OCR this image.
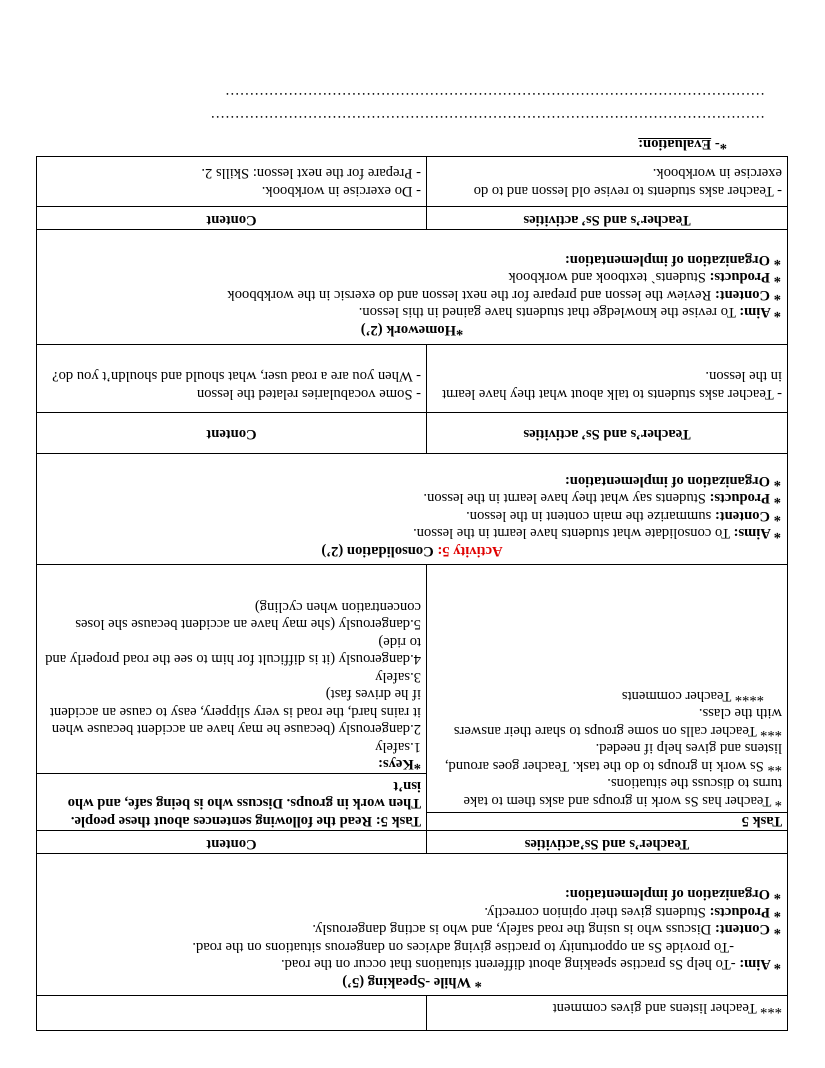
*** Teacher listens and gives comment

* While -Speaking (5’)

* Aim: -To help Ss practise speaking about different situations that occur on the road.

-To provide Ss an opportunity to practise giving advices on dangerous situations on the road.

* Content: Discuss who is using the road safely, and who is acting dangerously.

* Products: Students gives their opinion correctly.

* Organization of implementation:

Teacher’s and Ss’activities
Content
Task 5

* Teacher has Ss work in groups and asks them to take turns to discuss the situations.

** Ss work in groups to do the task. Teacher goes around, listens and gives help if needed.

*** Teacher calls on some groups to share their answers with the class.

**** Teacher comments

Task 5: Read the following sentences about these people. Then work in groups. Discuss who is being safe, and who isn’t

*Keys:

1.safely

2.dangerously (because he may have an accident because when it rains hard, the road is very slippery, easy to cause an accident if he drives fast)

3.safely

4.dangerously (it is difficult for him to see the road properly and to ride)

5.dangerously (she may have an accident because she loses concentration when cycling)

Activity 5: Consolidation (2’)

* Aims: To consolidate what students have learnt in the lesson.

* Content: summarize the main content in the lesson.

* Products: Students say what they have learnt in the lesson.

* Organization of implementation:

Teacher’s and Ss’ activities
Content
- Teacher asks students to talk about what they have learnt in the lesson.

- Some vocabularies related the lesson

- When you are a road user, what should and shouldn’t you do?

*Homework (2’)

* Aim: To revise the knowledge that students have gained in this lesson.

* Content: Review the lesson and prepare for the next lesson and do exersic in the workbbook

* Products: Students` textbook and workbook

* Organization of implementation:

Teacher’s and Ss’ activities
Content
- Teacher asks students to revise old lesson and to do exercise in workbook.

- Do exercise in workbook.

- Prepare for the next lesson: Skills 2.

*- Evaluation:

……………………………………………………………………………………………………
…………………………………………………………………………………………………
